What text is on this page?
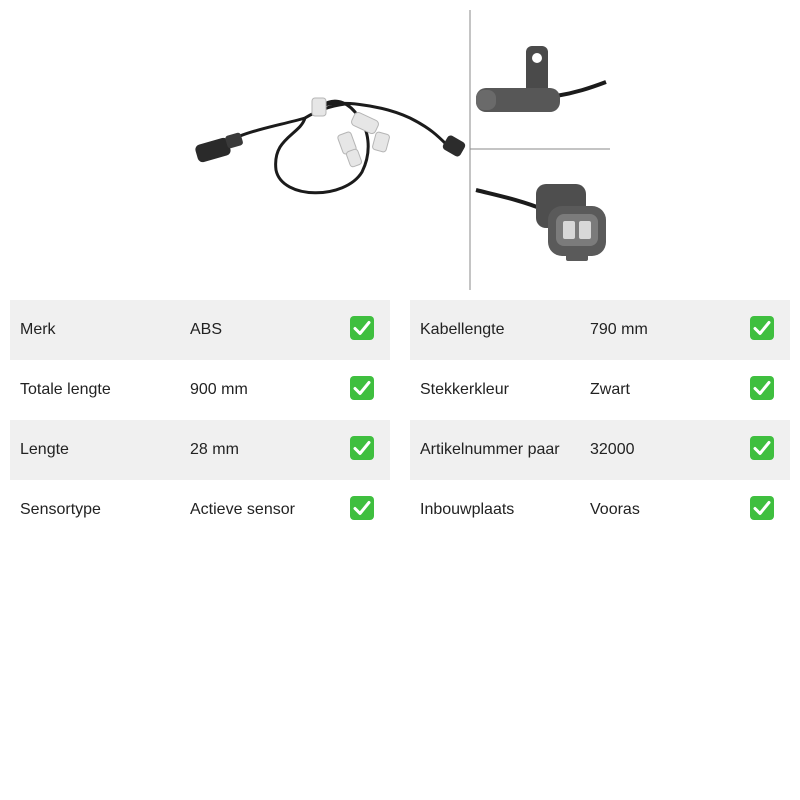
Merk	ABS
Totale lengte	900 mm
Lengte	28 mm
Sensortype	Actieve sensor
Kabellengte	790 mm
Stekkerkleur	Zwart
Artikelnummer paar 32000
Inbouwplaats	Vooras
